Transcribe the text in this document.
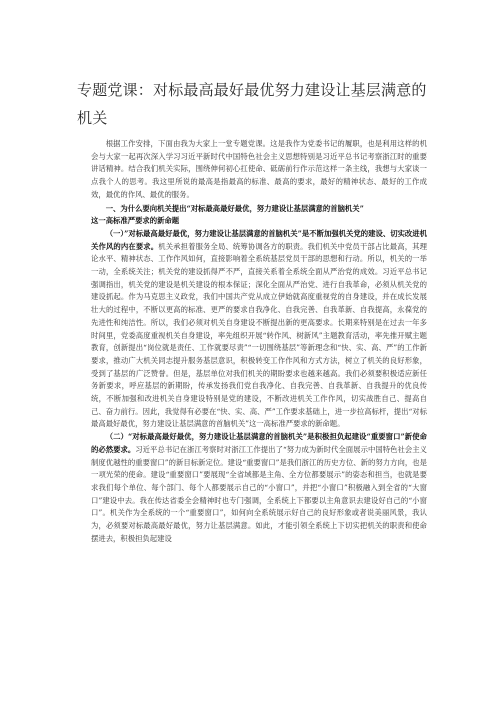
专题党课：对标最高最好最优努力建设让基层满意的机关

根据工作安排，下面由我为大家上一堂专题党课。这是我作为党委书记的履职，也是利用这样的机会与大家一起再次深入学习习近平新时代中国特色社会主义思想特别是习近平总书记考察浙江时的重要讲话精神。结合我们机关实际，围绕伸何初心扛使命、砥砺前行作示范这样一条主线，我想与大家谈一点我个人的思考。我这里所说的最高是指最高的标准、最高的要求，最好的精神状态、最好的工作成效，最优的作风、最优的服务。

一、为什么要向机关提出“对标最高最好最优，努力建设让基层满意的首脑机关”

这一高标准严要求的新命题

（一）”对标最高最好最优，努力建设让基层满意的首脑机关”是不断加强机关党的建设、切实改进机关作风的内在要求。机关承担着服务全局、统筹协调各方的职责。我们机关中党员干部占比最高，其理论水平、精神状态、工作作风如何，直接影响着全系统基层党员干部的思想和行动。所以，机关的一举一动，全系统关注；机关党的建设抓得严不严，直接关系着全系统全面从严治党的成效。习近平总书记强调指出，机关党的建设是机关建设的根本保证；深化全面从严治党、进行自我革命，必须从机关党的建设抓起。作为马克思主义政党，我们中国共产党从成立伊始就高度重视党的自身建设，并在成长发展壮大的过程中，不断以更高的标准、更严的要求自我净化、自我完善、自我革新、自我提高，永葆党的先进性和纯洁性。所以，我们必须对机关自身建设不断提出新的更高要求。长期来特别是在过去一年多时间里，党委高度重视机关自身建设，率先组织开展“转作风、树新风”主题教育活动，率先推开赋主题教育，创新提出“岗位就是责任、工作就要尽责”“一切围绕基层”等新理念和“快、实、高、严”的工作新要求，推动广大机关同志提升服务基层意识，积极转变工作作风和方式方法，树立了机关的良好形象，受到了基层的广泛赞誉。但是，基层单位对我们机关的期盼要求也越来越高。我们必须要积极适应新任务新要求，呼应基层的新期盼，传承发扬我们党自我净化、自我完善、自我革新、自我提升的优良传统，不断加强和改进机关自身建设特别是党的建设，不断改进机关工作作风，切实战胜自己、提高自己、奋力前行。因此，我觉得有必要在“快、实、高、严”工作要求基础上，进一步拉高标杆，提出“对标最高最好最优，努力建设让基层满意的首脑机关”这一高标准严要求的新命题。

（二）“对标最高最好最优，努力建设让基层满意的首脑机关”是积极担负起建设“重要窗口”新使命的必然要求。习近平总书记在浙江考察时对浙江工作提出了“努力成为新时代全面展示中国特色社会主义制度优越性的重要窗口”的新目标新定位。建设“重要窗口”是我们浙江的历史方位、新的努力方向，也是一项光荣的使命。建设“重要窗口”要展现“全省域都是主角、全方位都要展示”的姿态和担当，也就是要求我们每个单位、每个部门、每个人都要展示自己的“小窗口”，并把“小窗口”积极融入到全省的“大窗口”建设中去。我在传达省委全会精神时也专门强调，全系统上下都要以主角意识去建设好自己的“小窗口”。机关作为全系统的一个“重要窗口”，如何向全系统展示好自己的良好形象或者说美丽风景，我认为，必须要对标最高最好最优，努力让基层满意。如此，才能引领全系统上下切实把机关的职责和使命摆进去，积极担负起建设
